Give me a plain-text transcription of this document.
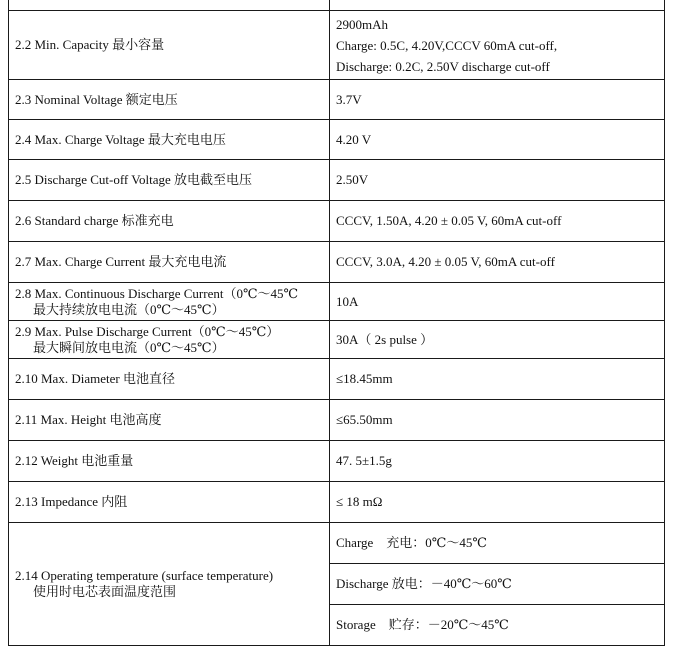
2.2 Min. Capacity 最小容量	2900mAh
Charge: 0.5C, 4.20V,CCCV 60mA cut-off,
Discharge: 0.2C, 2.50V discharge cut-off

2.3 Nominal Voltage 额定电压	3.7V

2.4 Max. Charge Voltage 最大充电电压	4.20 V

2.5 Discharge Cut-off Voltage 放电截至电压	2.50V

2.6 Standard charge 标准充电	CCCV, 1.50A, 4.20 ± 0.05 V, 60mA cut-off

2.7 Max. Charge Current 最大充电电流	CCCV, 3.0A, 4.20 ± 0.05 V, 60mA cut-off

2.8 Max. Continuous Discharge Current（0℃～45℃
最大持续放电电流（0℃～45℃）	10A

2.9 Max. Pulse Discharge Current（0℃～45℃）
最大瞬间放电电流（0℃～45℃）	30A（ 2s pulse ）

2.10 Max. Diameter 电池直径	≤18.45mm

2.11 Max. Height 电池高度	≤65.50mm

2.12 Weight 电池重量	47. 5±1.5g

2.13 Impedance 内阻	≤ 18 mΩ

2.14 Operating temperature (surface temperature)
使用时电芯表面温度范围	Charge    充电：0℃～45℃

	Discharge 放电：－40℃～60℃

	Storage    贮存：－20℃～45℃
